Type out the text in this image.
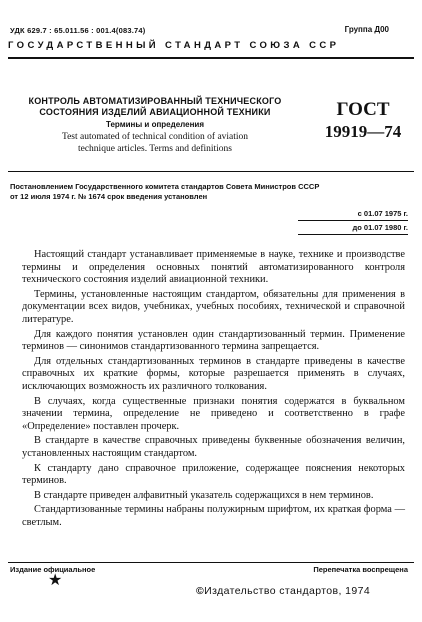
УДК 629.7 : 65.011.56 : 001.4(083.74)	Группа Д00
ГОСУДАРСТВЕННЫЙ СТАНДАРТ СОЮЗА ССР
КОНТРОЛЬ АВТОМАТИЗИРОВАННЫЙ ТЕХНИЧЕСКОГО
СОСТОЯНИЯ ИЗДЕЛИЙ АВИАЦИОННОЙ ТЕХНИКИ
Термины и определения
Test automated of technical condition of aviation
technique articles. Terms and definitions
ГОСТ
19919—74
Постановлением Государственного комитета стандартов Совета Министров СССР
от 12 июля 1974 г. № 1674 срок введения установлен
с 01.07 1975 г.
до 01.07 1980 г.

Настоящий стандарт устанавливает применяемые в науке, технике и производстве термины и определения основных понятий автоматизированного контроля технического состояния изделий авиационной техники.

Термины, установленные настоящим стандартом, обязательны для применения в документации всех видов, учебниках, учебных пособиях, технической и справочной литературе.

Для каждого понятия установлен один стандартизованный термин. Применение терминов — синонимов стандартизованного термина запрещается.

Для отдельных стандартизованных терминов в стандарте приведены в качестве справочных их краткие формы, которые разрешается применять в случаях, исключающих возможность их различного толкования.

В случаях, когда существенные признаки понятия содержатся в буквальном значении термина, определение не приведено и соответственно в графе «Определение» поставлен прочерк.

В стандарте в качестве справочных приведены буквенные обозначения величин, установленных настоящим стандартом.

К стандарту дано справочное приложение, содержащее пояснения некоторых терминов.

В стандарте приведен алфавитный указатель содержащихся в нем терминов.

Стандартизованные термины набраны полужирным шрифтом, их краткая форма — светлым.

Издание официальное	Перепечатка воспрещена
★
©Издательство стандартов, 1974
